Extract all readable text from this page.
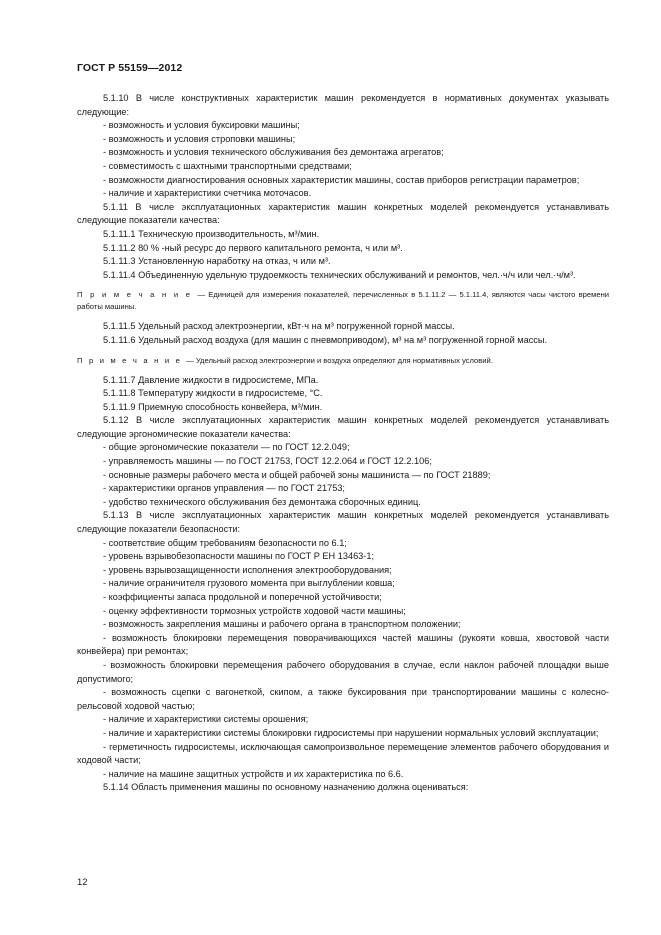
ГОСТ Р 55159—2012

5.1.10 В числе конструктивных характеристик машин рекомендуется в нормативных документах указывать следующие:

- возможность и условия буксировки машины;

- возможность и условия строповки машины;

- возможность и условия технического обслуживания без демонтажа агрегатов;

- совместимость с шахтными транспортными средствами;

- возможности диагностирования основных характеристик машины, состав приборов регистрации параметров;

- наличие и характеристики счетчика моточасов.

5.1.11 В числе эксплуатационных характеристик машин конкретных моделей рекомендуется устанавливать следующие показатели качества:

5.1.11.1 Техническую производительность, м³/мин.

5.1.11.2 80 % -ный ресурс до первого капитального ремонта, ч или м³.

5.1.11.3 Установленную наработку на отказ, ч или м³.

5.1.11.4 Объединенную удельную трудоемкость технических обслуживаний и ремонтов, чел.·ч/ч или чел.·ч/м³.

П р и м е ч а н и е — Единицей для измерения показателей, перечисленных в 5.1.11.2 — 5.1.11.4, являются часы чистого времени работы машины.

5.1.11.5 Удельный расход электроэнергии, кВт·ч на м³ погруженной горной массы.

5.1.11.6 Удельный расход воздуха (для машин с пневмоприводом), м³ на м³ погруженной горной массы.

П р и м е ч а н и е — Удельный расход электроэнергии и воздуха определяют для нормативных условий.

5.1.11.7 Давление жидкости в гидросистеме, МПа.

5.1.11.8 Температуру жидкости в гидросистеме, °С.

5.1.11.9 Приемную способность конвейера, м³/мин.

5.1.12 В числе эксплуатационных характеристик машин конкретных моделей рекомендуется устанавливать следующие эргономические показатели качества:

- общие эргономические показатели — по ГОСТ 12.2.049;

- управляемость машины — по ГОСТ 21753, ГОСТ 12.2.064 и ГОСТ 12.2.106;

- основные размеры рабочего места и общей рабочей зоны машиниста — по ГОСТ 21889;

- характеристики органов управления — по ГОСТ 21753;

- удобство технического обслуживания без демонтажа сборочных единиц.

5.1.13 В числе эксплуатационных характеристик машин конкретных моделей рекомендуется устанавливать следующие показатели безопасности:

- соответствие общим требованиям безопасности по 6.1;

- уровень взрывобезопасности машины по ГОСТ Р ЕН 13463-1;

- уровень взрывозащищенности исполнения электрооборудования;

- наличие ограничителя грузового момента при выглублении ковша;

- коэффициенты запаса продольной и поперечной устойчивости;

- оценку эффективности тормозных устройств ходовой части машины;

- возможность закрепления машины и рабочего органа в транспортном положении;

- возможность блокировки перемещения поворачивающихся частей машины (рукояти ковша, хвостовой части конвейера) при ремонтах;

- возможность блокировки перемещения рабочего оборудования в случае, если наклон рабочей площадки выше допустимого;

- возможность сцепки с вагонеткой, скипом, а также буксирования при транспортировании машины с колесно-рельсовой ходовой частью;

- наличие и характеристики системы орошения;

- наличие и характеристики системы блокировки гидросистемы при нарушении нормальных условий эксплуатации;

- герметичность гидросистемы, исключающая самопроизвольное перемещение элементов рабочего оборудования и ходовой части;

- наличие на машине защитных устройств и их характеристика по 6.6.

5.1.14 Область применения машины по основному назначению должна оцениваться:

12
